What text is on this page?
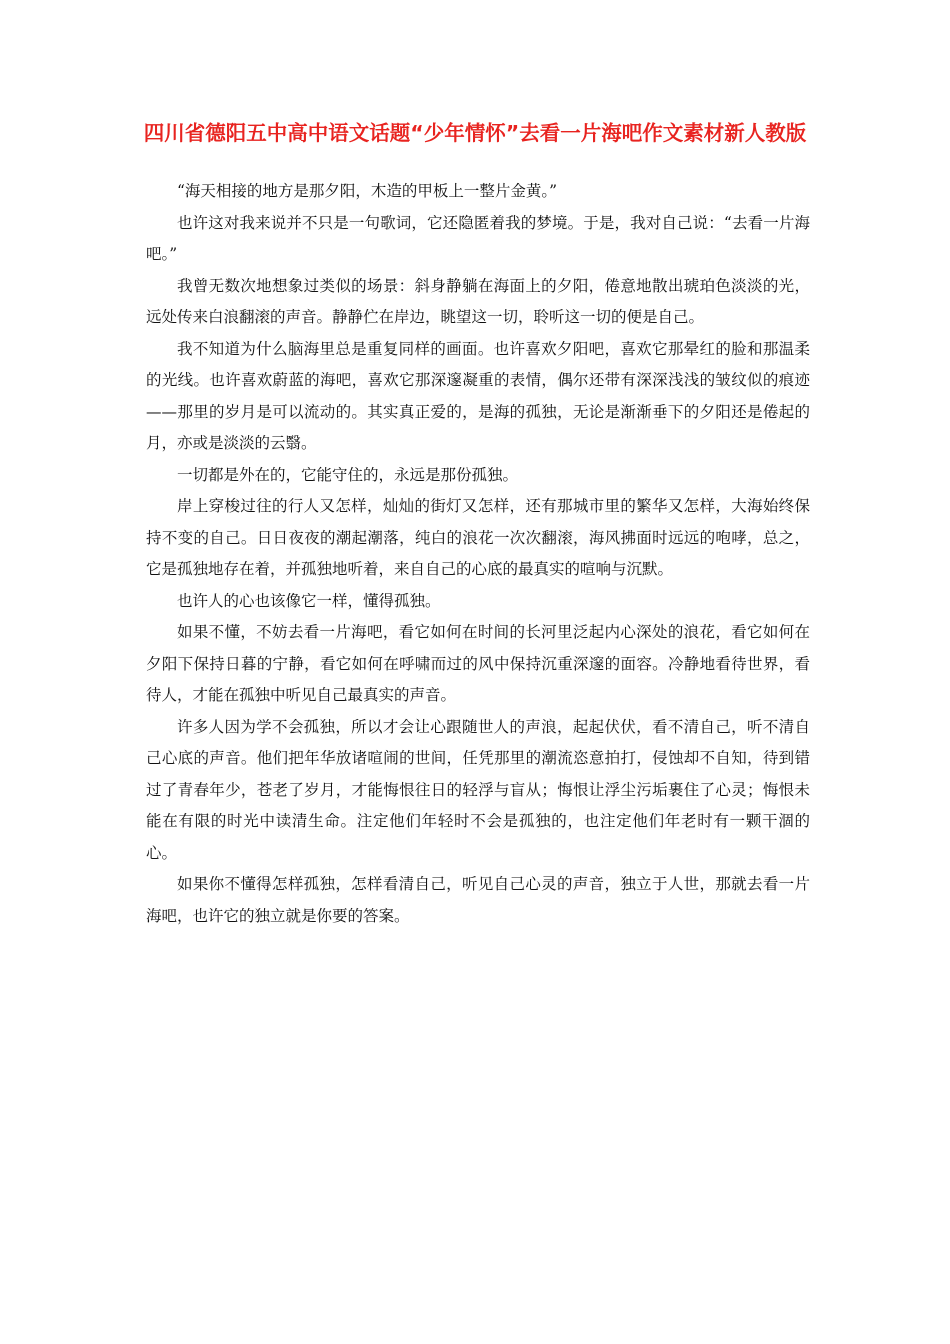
四川省德阳五中高中语文话题“少年情怀”去看一片海吧作文素材新人教版

“海天相接的地方是那夕阳，木造的甲板上一整片金黄。”

也许这对我来说并不只是一句歌词，它还隐匿着我的梦境。于是，我对自己说：“去看一片海吧。”

我曾无数次地想象过类似的场景：斜身静躺在海面上的夕阳，倦意地散出琥珀色淡淡的光，远处传来白浪翻滚的声音。静静伫在岸边，眺望这一切，聆听这一切的便是自己。

我不知道为什么脑海里总是重复同样的画面。也许喜欢夕阳吧，喜欢它那晕红的脸和那温柔的光线。也许喜欢蔚蓝的海吧，喜欢它那深邃凝重的表情，偶尔还带有深深浅浅的皱纹似的痕迹——那里的岁月是可以流动的。其实真正爱的，是海的孤独，无论是渐渐垂下的夕阳还是倦起的月，亦或是淡淡的云翳。

一切都是外在的，它能守住的，永远是那份孤独。

岸上穿梭过往的行人又怎样，灿灿的街灯又怎样，还有那城市里的繁华又怎样，大海始终保持不变的自己。日日夜夜的潮起潮落，纯白的浪花一次次翻滚，海风拂面时远远的咆哮，总之，它是孤独地存在着，并孤独地听着，来自自己的心底的最真实的喧响与沉默。

也许人的心也该像它一样，懂得孤独。

如果不懂，不妨去看一片海吧，看它如何在时间的长河里泛起内心深处的浪花，看它如何在夕阳下保持日暮的宁静，看它如何在呼啸而过的风中保持沉重深邃的面容。冷静地看待世界，看待人，才能在孤独中听见自己最真实的声音。

许多人因为学不会孤独，所以才会让心跟随世人的声浪，起起伏伏，看不清自己，听不清自己心底的声音。他们把年华放诸喧闹的世间，任凭那里的潮流恣意拍打，侵蚀却不自知，待到错过了青春年少，苍老了岁月，才能悔恨往日的轻浮与盲从；悔恨让浮尘污垢裹住了心灵；悔恨未能在有限的时光中读清生命。注定他们年轻时不会是孤独的，也注定他们年老时有一颗干涸的心。

如果你不懂得怎样孤独，怎样看清自己，听见自己心灵的声音，独立于人世，那就去看一片海吧，也许它的独立就是你要的答案。
